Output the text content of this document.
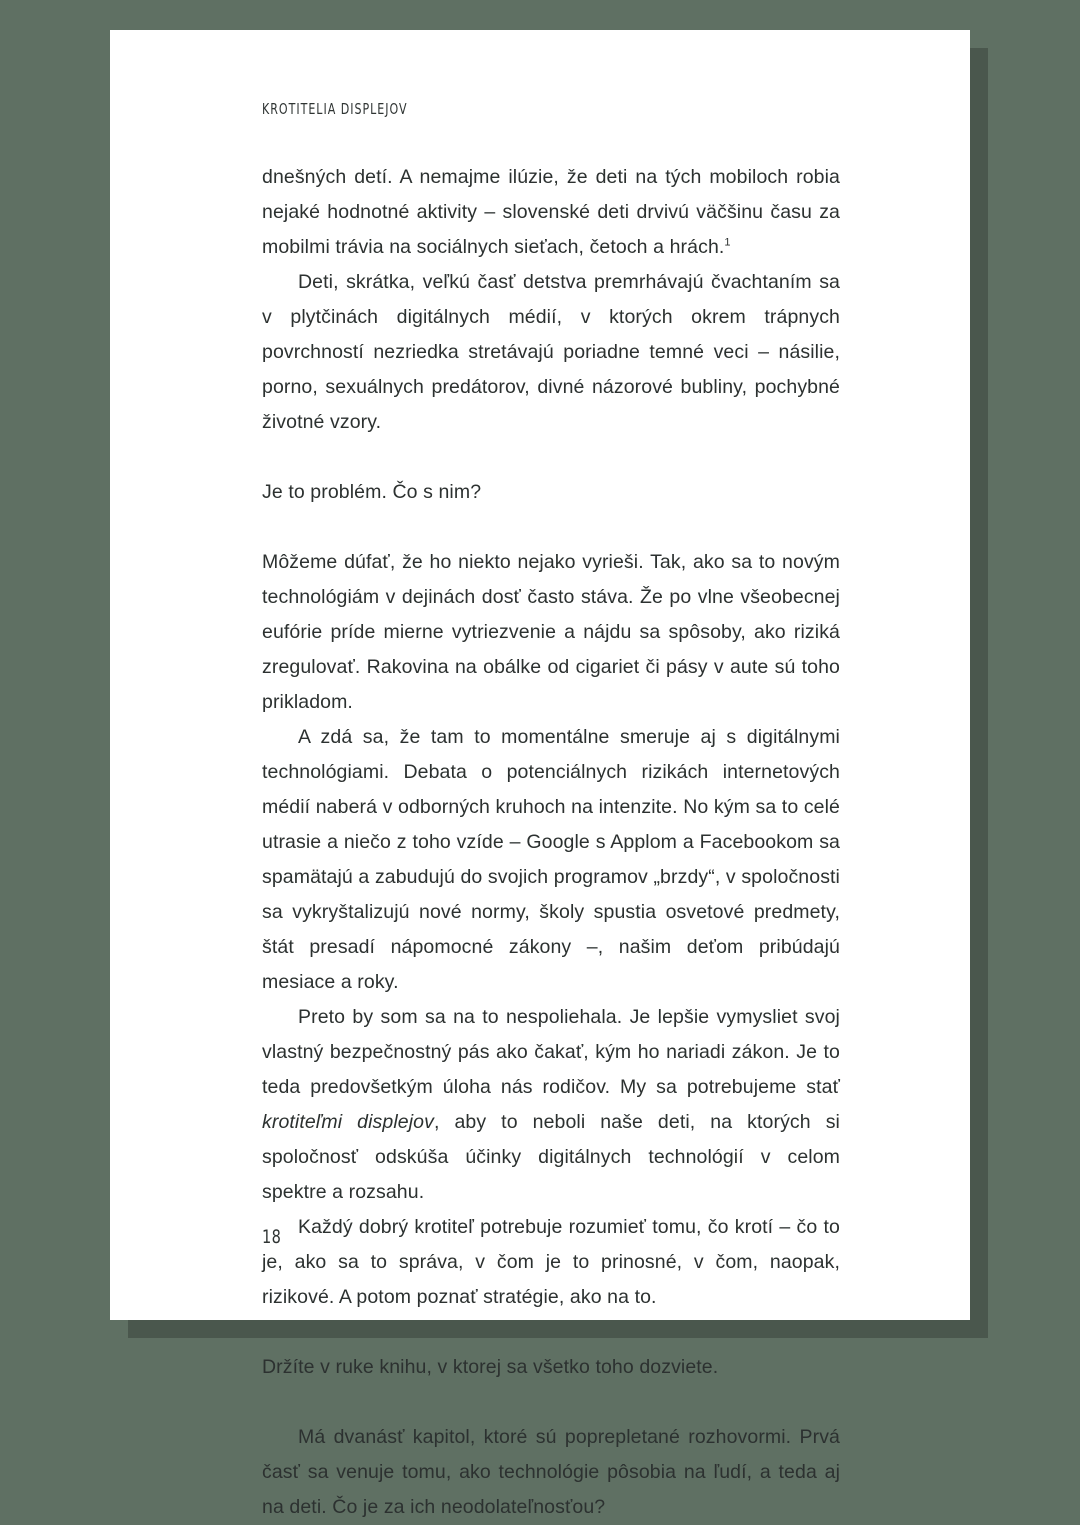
KROTITELIA DISPLEJOV

dnešných detí. A nemajme ilúzie, že deti na tých mobiloch robia nejaké hodnotné aktivity – slovenské deti drvivú väčšinu času za mobilmi trávia na sociálnych sieťach, četoch a hrách.$^1$

Deti, skrátka, veľkú časť detstva premrhávajú čvachtaním sa v plytčinách digitálnych médií, v ktorých okrem trápnych povrchností nezriedka stretávajú poriadne temné veci – násilie, porno, sexuálnych predátorov, divné názorové bubliny, pochybné životné vzory.

Je to problém. Čo s nim?

Môžeme dúfať, že ho niekto nejako vyrieši. Tak, ako sa to novým technológiám v dejinách dosť často stáva. Že po vlne všeobecnej eufórie príde mierne vytriezvenie a nájdu sa spôsoby, ako riziká zregulovať. Rakovina na obálke od cigariet či pásy v aute sú toho prikladom.

A zdá sa, že tam to momentálne smeruje aj s digitálnymi technológiami. Debata o potenciálnych rizikách internetových médií naberá v odborných kruhoch na intenzite. No kým sa to celé utrasie a niečo z toho vzíde – Google s Applom a Facebookom sa spamätajú a zabudujú do svojich programov „brzdy“, v spoločnosti sa vykryštalizujú nové normy, školy spustia osvetové predmety, štát presadí nápomocné zákony –, našim deťom pribúdajú mesiace a roky.

Preto by som sa na to nespoliehala. Je lepšie vymysliet svoj vlastný bezpečnostný pás ako čakať, kým ho nariadi zákon. Je to teda predovšetkým úloha nás rodičov. My sa potrebujeme stať krotiteľmi displejov, aby to neboli naše deti, na ktorých si spoločnosť odskúša účinky digitálnych technológií v celom spektre a rozsahu.

Každý dobrý krotiteľ potrebuje rozumieť tomu, čo krotí – čo to je, ako sa to správa, v čom je to prinosné, v čom, naopak, rizikové. A potom poznať stratégie, ako na to.

Držíte v ruke knihu, v ktorej sa všetko toho dozviete.

Má dvanásť kapitol, ktoré sú poprepletané rozhovormi. Prvá časť sa venuje tomu, ako technológie pôsobia na ľudí, a teda aj na deti. Čo je za ich neodolateľnosťou?

18
